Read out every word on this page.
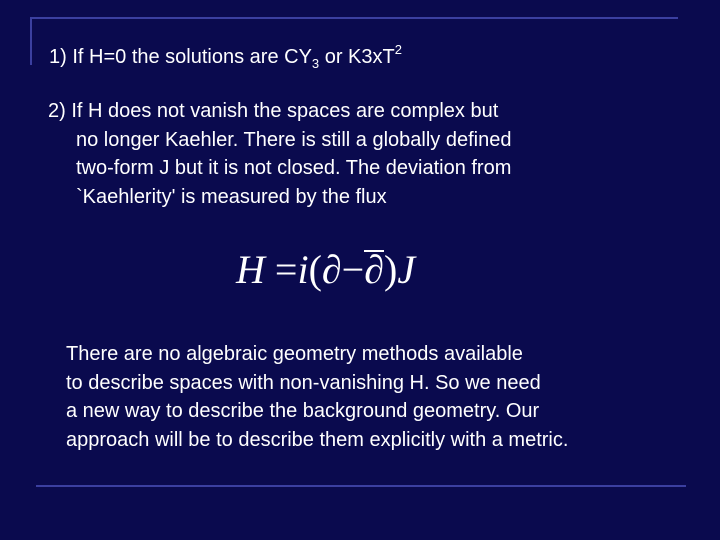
1) If H=0 the solutions are $CY_3$ or $K3xT^2$
2) If H does not vanish the spaces are complex but
no longer Kaehler. There is still a globally defined
two-form J but it is not closed. The deviation from
`Kaehlerity' is measured by the flux
H =i(∂−∂)J
There are no algebraic geometry methods available
to describe spaces with non-vanishing H. So we need
a new way to describe the background geometry. Our
approach will be to describe them explicitly with a metric.
